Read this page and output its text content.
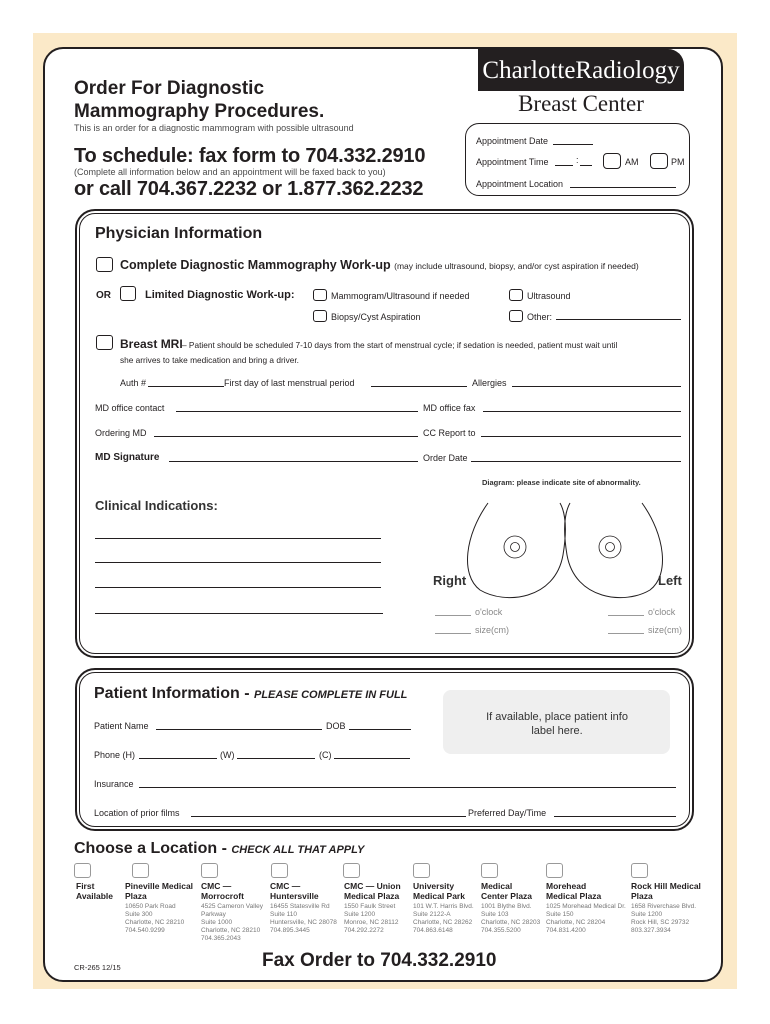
CharlotteRadiology
Breast Center
Order For Diagnostic
Mammography Procedures.
This is an order for a diagnostic mammogram with possible ultrasound
To schedule: fax form to 704.332.2910
(Complete all information below and an appointment will be faxed back to you)
or call 704.367.2232 or 1.877.362.2232
Appointment Date
Appointment Time	:	AM	PM
Appointment Location
Physician Information
Complete Diagnostic Mammography Work-up (may include ultrasound, biopsy, and/or cyst aspiration if needed)
OR	Limited Diagnostic Work-up:	Mammogram/Ultrasound if needed	Ultrasound
Biopsy/Cyst Aspiration	Other:
Breast MRI – Patient should be scheduled 7-10 days from the start of menstrual cycle; if sedation is needed, patient must wait until
she arrives to take medication and bring a driver.
Auth #	First day of last menstrual period	Allergies
MD office contact	MD office fax
Ordering MD	CC Report to
MD Signature	Order Date
Diagram: please indicate site of abnormality.
Clinical Indications:
Right	Left
o'clock
size(cm)
o'clock
size(cm)
Patient Information - PLEASE COMPLETE IN FULL
If available, place patient info label here.
Patient Name	DOB
Phone (H)	(W)	(C)
Insurance
Location of prior films	Preferred Day/Time
Choose a Location - CHECK ALL THAT APPLY
First
Available
Pineville Medical
Plaza
10650 Park Road
Suite 300
Charlotte, NC 28210
704.540.9299
CMC —
Morrocroft
4525 Cameron Valley
Parkway
Suite 1000
Charlotte, NC 28210
704.365.2043
CMC —
Huntersville
16455 Statesville Rd
Suite 110
Huntersville, NC 28078
704.895.3445
CMC — Union
Medical Plaza
1550 Faulk Street
Suite 1200
Monroe, NC 28112
704.292.2272
University
Medical Park
101 W.T. Harris Blvd.
Suite 2122-A
Charlotte, NC 28262
704.863.6148
Medical
Center Plaza
1001 Blythe Blvd.
Suite 103
Charlotte, NC 28203
704.355.5200
Morehead
Medical Plaza
1025 Morehead Medical Dr.
Suite 150
Charlotte, NC 28204
704.831.4200
Rock Hill Medical
Plaza
1658 Riverchase Blvd.
Suite 1200
Rock Hill, SC 29732
803.327.3934
CR-265 12/15	Fax Order to 704.332.2910
